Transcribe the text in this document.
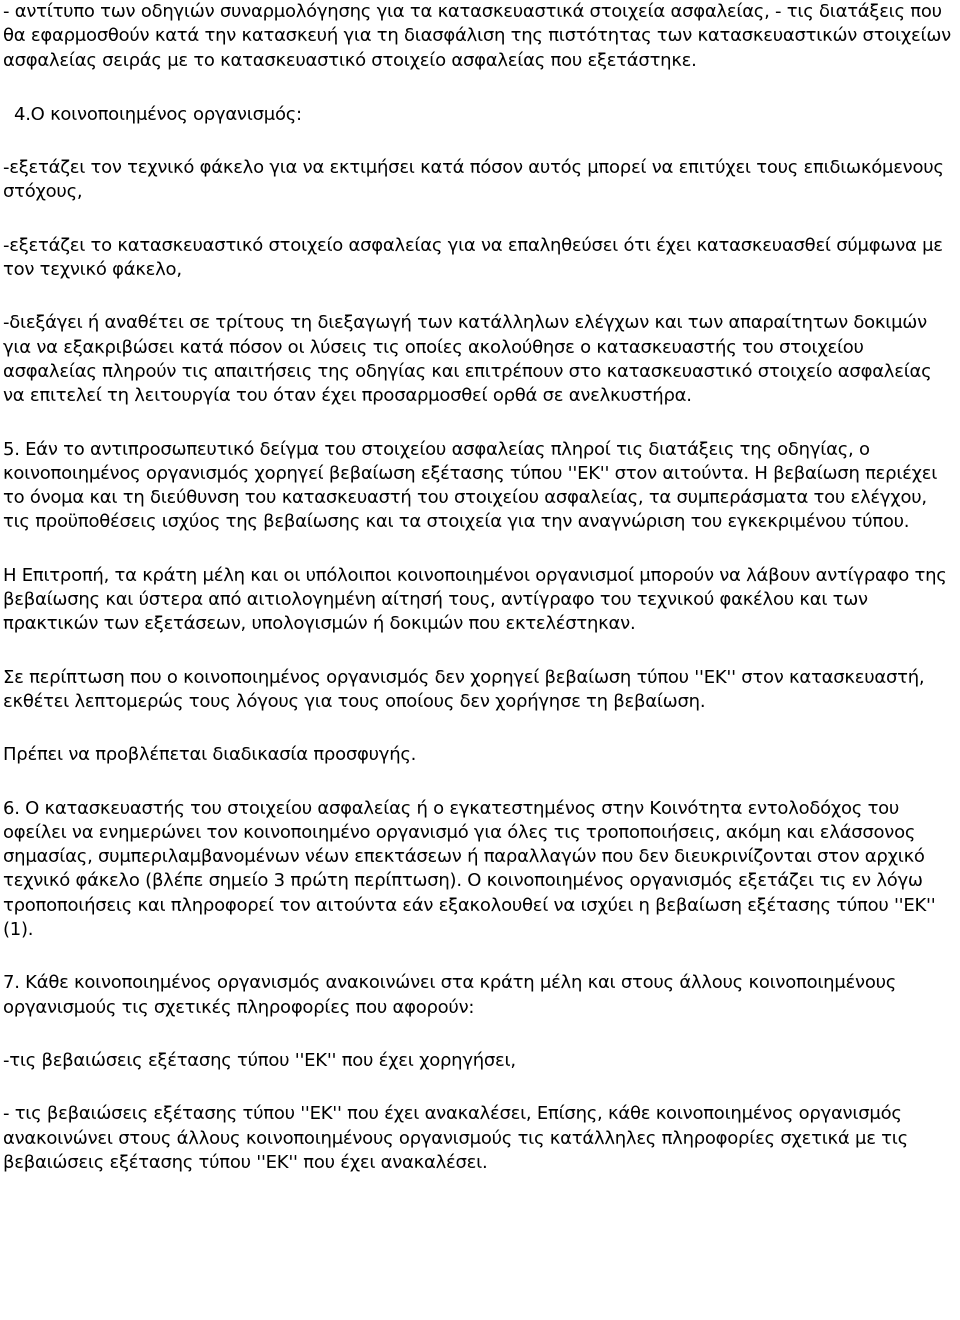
- αντίτυπο των οδηγιών συναρμολόγησης για τα κατασκευαστικά στοιχεία ασφαλείας, - τις διατάξεις που θα εφαρμοσθούν κατά την κατασκευή για τη διασφάλιση της πιστότητας των κατασκευαστικών στοιχείων ασφαλείας σειράς με το κατασκευαστικό στοιχείο ασφαλείας που εξετάστηκε.

4.Ο κοινοποιημένος οργανισμός:

-εξετάζει τον τεχνικό φάκελο για να εκτιμήσει κατά πόσον αυτός μπορεί να επιτύχει τους επιδιωκόμενους στόχους,

-εξετάζει το κατασκευαστικό στοιχείο ασφαλείας για να επαληθεύσει ότι έχει κατασκευασθεί σύμφωνα με τον τεχνικό φάκελο,

-διεξάγει ή αναθέτει σε τρίτους τη διεξαγωγή των κατάλληλων ελέγχων και των απαραίτητων δοκιμών για να εξακριβώσει κατά πόσον οι λύσεις τις οποίες ακολούθησε ο κατασκευαστής του στοιχείου ασφαλείας πληρούν τις απαιτήσεις της οδηγίας και επιτρέπουν στο κατασκευαστικό στοιχείο ασφαλείας να επιτελεί τη λειτουργία του όταν έχει προσαρμοσθεί ορθά σε ανελκυστήρα.

5. Εάν το αντιπροσωπευτικό δείγμα του στοιχείου ασφαλείας πληροί τις διατάξεις της οδηγίας, ο κοινοποιημένος οργανισμός χορηγεί βεβαίωση εξέτασης τύπου ''ΕΚ'' στον αιτούντα. Η βεβαίωση περιέχει το όνομα και τη διεύθυνση του κατασκευαστή του στοιχείου ασφαλείας, τα συμπεράσματα του ελέγχου, τις προϋποθέσεις ισχύος της βεβαίωσης και τα στοιχεία για την αναγνώριση του εγκεκριμένου τύπου.

Η Επιτροπή, τα κράτη μέλη και οι υπόλοιποι κοινοποιημένοι οργανισμοί μπορούν να λάβουν αντίγραφο της βεβαίωσης και ύστερα από αιτιολογημένη αίτησή τους, αντίγραφο του τεχνικού φακέλου και των πρακτικών των εξετάσεων, υπολογισμών ή δοκιμών που εκτελέστηκαν.

Σε περίπτωση που ο κοινοποιημένος οργανισμός δεν χορηγεί βεβαίωση τύπου ''ΕΚ'' στον κατασκευαστή, εκθέτει λεπτομερώς τους λόγους για τους οποίους δεν χορήγησε τη βεβαίωση.

Πρέπει να προβλέπεται διαδικασία προσφυγής.

6. Ο κατασκευαστής του στοιχείου ασφαλείας ή ο εγκατεστημένος στην Κοινότητα εντολοδόχος του οφείλει να ενημερώνει τον κοινοποιημένο οργανισμό για όλες τις τροποποιήσεις, ακόμη και ελάσσονος σημασίας, συμπεριλαμβανομένων νέων επεκτάσεων ή παραλλαγών που δεν διευκρινίζονται στον αρχικό τεχνικό φάκελο (βλέπε σημείο 3 πρώτη περίπτωση). Ο κοινοποιημένος οργανισμός εξετάζει τις εν λόγω τροποποιήσεις και πληροφορεί τον αιτούντα εάν εξακολουθεί να ισχύει η βεβαίωση εξέτασης τύπου ''ΕΚ'' (1).

7. Κάθε κοινοποιημένος οργανισμός ανακοινώνει στα κράτη μέλη και στους άλλους κοινοποιημένους οργανισμούς τις σχετικές πληροφορίες που αφορούν:

-τις βεβαιώσεις εξέτασης τύπου ''ΕΚ'' που έχει χορηγήσει,

- τις βεβαιώσεις εξέτασης τύπου ''ΕΚ'' που έχει ανακαλέσει, Επίσης, κάθε κοινοποιημένος οργανισμός ανακοινώνει στους άλλους κοινοποιημένους οργανισμούς τις κατάλληλες πληροφορίες σχετικά με τις βεβαιώσεις εξέτασης τύπου ''ΕΚ'' που έχει ανακαλέσει.
